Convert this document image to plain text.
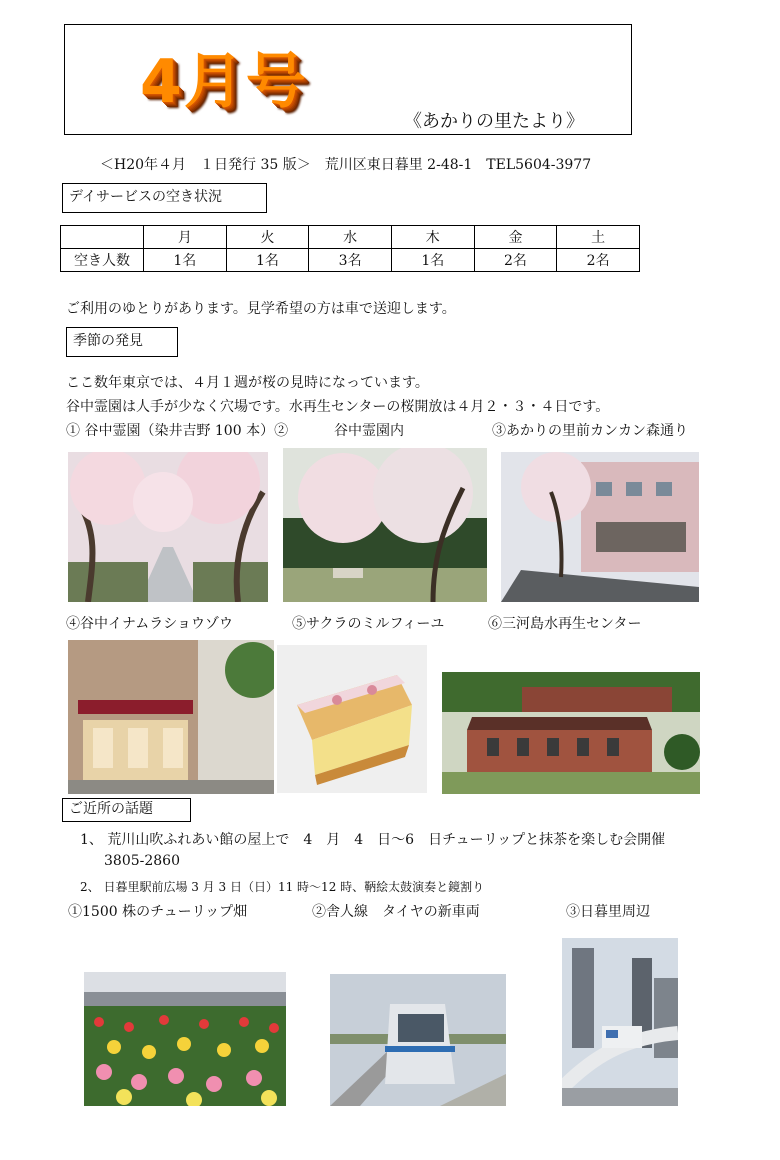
4月号
《あかりの里たより》
＜H20年４月　１日発行 35 版＞　荒川区東日暮里 2-48-1　TEL5604-3977
デイサービスの空き状況
	月	火	水	木	金	土
空き人数	1名	1名	3名	1名	2名	2名
ご利用のゆとりがあります。見学希望の方は車で送迎します。
季節の発見
ここ数年東京では、４月１週が桜の見時になっています。
谷中霊園は人手が少なく穴場です。水再生センターの桜開放は４月２・３・４日です。
① 谷中霊園（染井吉野 100 本）②	谷中霊園内	③あかりの里前カンカン森通り
④谷中イナムラショウゾウ	⑤サクラのミルフィーユ	⑥三河島水再生センター
ご近所の話題
1、 荒川山吹ふれあい館の屋上で　4　月　4　日～6　日チューリップと抹茶を楽しむ会開催
3805-2860
2、 日暮里駅前広場 3 月 3 日（日）11 時～12 時、鞆絵太鼓演奏と鏡割り
①1500 株のチューリップ畑	②舎人線　タイヤの新車両	③日暮里周辺
